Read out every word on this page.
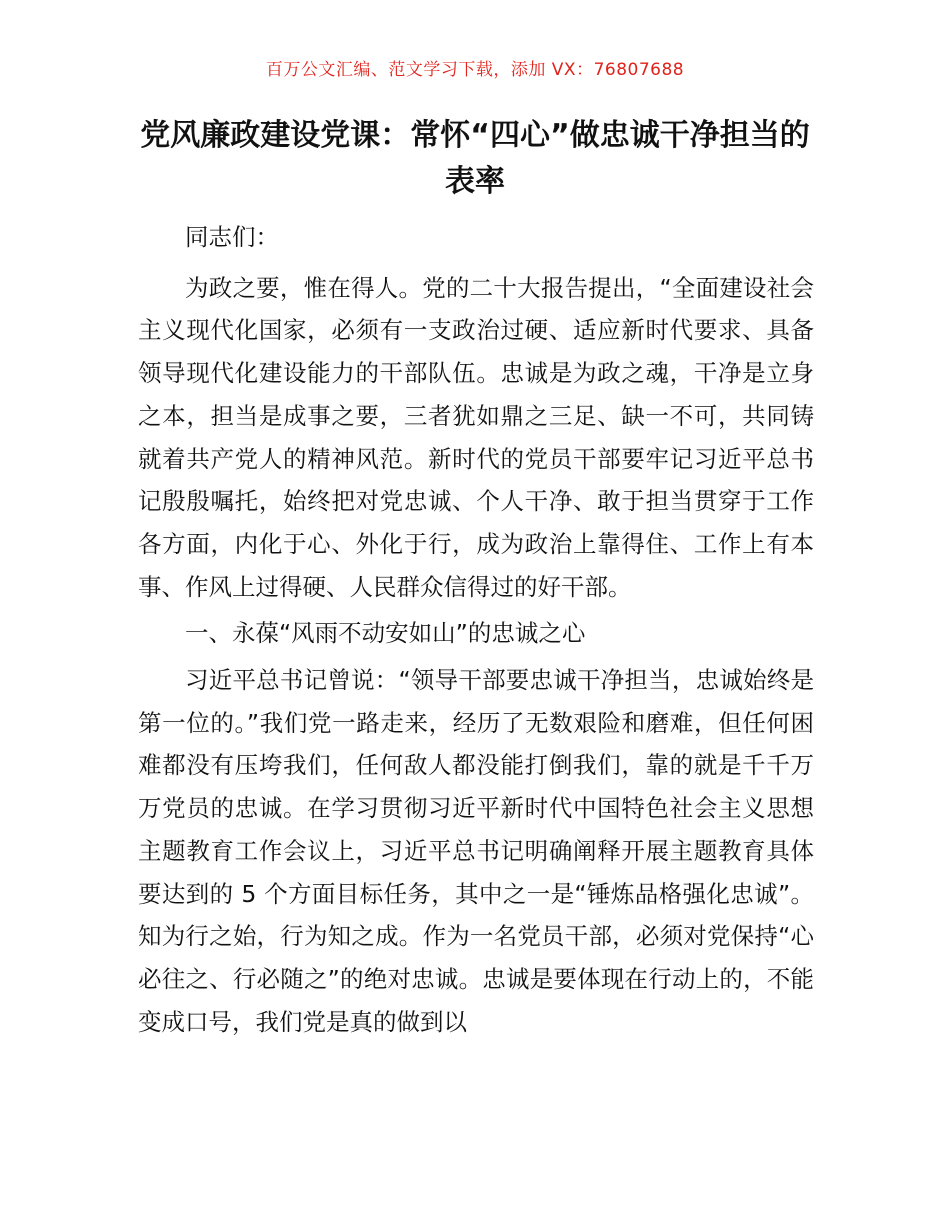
百万公文汇编、范文学习下载，添加 VX：76807688
党风廉政建设党课：常怀“四心”做忠诚干净担当的表率

同志们：

为政之要，惟在得人。党的二十大报告提出，“全面建设社会主义现代化国家，必须有一支政治过硬、适应新时代要求、具备领导现代化建设能力的干部队伍。忠诚是为政之魂，干净是立身之本，担当是成事之要，三者犹如鼎之三足、缺一不可，共同铸就着共产党人的精神风范。新时代的党员干部要牢记习近平总书记殷殷嘱托，始终把对党忠诚、个人干净、敢于担当贯穿于工作各方面，内化于心、外化于行，成为政治上靠得住、工作上有本事、作风上过得硬、人民群众信得过的好干部。

一、永葆“风雨不动安如山”的忠诚之心

习近平总书记曾说：“领导干部要忠诚干净担当，忠诚始终是第一位的。”我们党一路走来，经历了无数艰险和磨难，但任何困难都没有压垮我们，任何敌人都没能打倒我们，靠的就是千千万万党员的忠诚。在学习贯彻习近平新时代中国特色社会主义思想主题教育工作会议上，习近平总书记明确阐释开展主题教育具体要达到的 5 个方面目标任务，其中之一是“锤炼品格强化忠诚”。知为行之始，行为知之成。作为一名党员干部，必须对党保持“心必往之、行必随之”的绝对忠诚。忠诚是要体现在行动上的，不能变成口号，我们党是真的做到以
